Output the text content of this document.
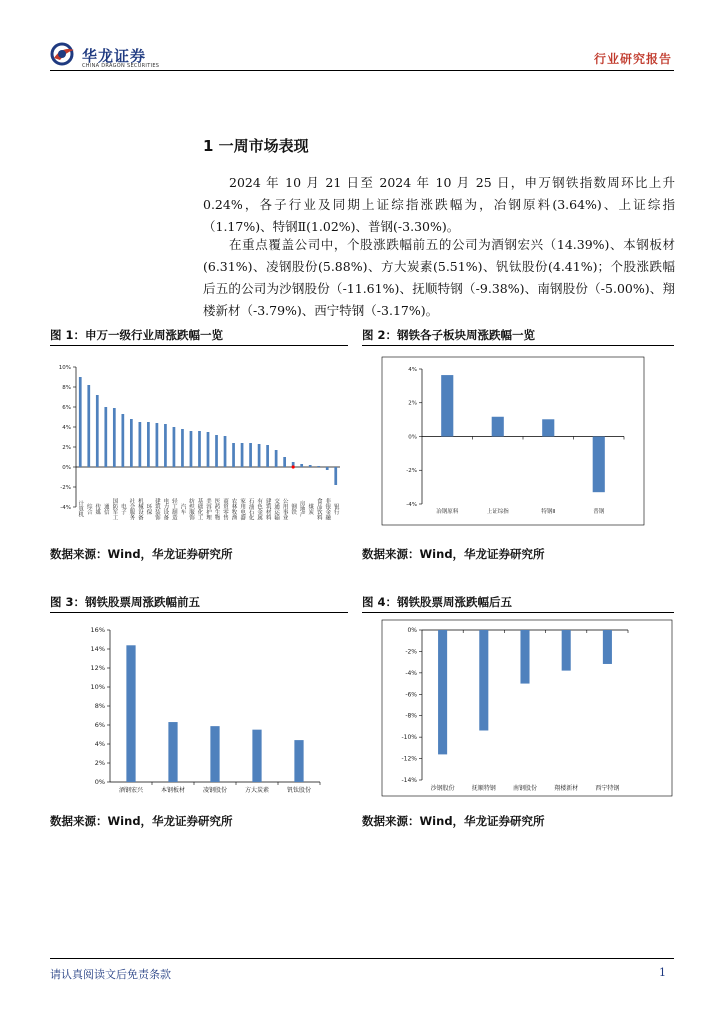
华龙证券
CHINA DRAGON SECURITIES	行业研究报告
1 一周市场表现
2024 年 10 月 21 日至 2024 年 10 月 25 日，申万钢铁指数周环比上升0.24%，各子行业及同期上证综指涨跌幅为，冶钢原料(3.64%)、上证综指（1.17%)、特钢Ⅱ(1.02%)、普钢(-3.30%)。
在重点覆盖公司中，个股涨跌幅前五的公司为酒钢宏兴（14.39%)、本钢板材(6.31%)、凌钢股份(5.88%)、方大炭素(5.51%)、钒钛股份(4.41%)；个股涨跌幅后五的公司为沙钢股份（-11.61%)、抚顺特钢（-9.38%)、南钢股份（-5.00%)、翔楼新材（-3.79%)、西宁特钢（-3.17%)。
图 1：申万一级行业周涨跌幅一览
-4%
-2%
0%
2%
4%
6%
8%
10%
计算机 综合 传媒 通信 国防军工 电子 社会服务 机械设备 环保 建筑装饰 电力设备 轻工制造 汽车 纺织服饰 基础化工 美容护理 医药生物 商贸零售 农林牧渔 家用电器 石油石化 有色金属 建筑材料 交通运输 公用事业 钢铁 房地产 煤炭 食品饮料 非银金融 银行
数据来源：Wind，华龙证券研究所
图 2：钢铁各子板块周涨跌幅一览
-4%
-2%
0%
2%
4%
冶钢原料	上证综指	特钢Ⅱ	普钢
数据来源：Wind，华龙证券研究所
图 3：钢铁股票周涨跌幅前五
0%
2%
4%
6%
8%
10%
12%
14%
16%
酒钢宏兴	本钢板材	凌钢股份	方大炭素	钒钛股份
数据来源：Wind，华龙证券研究所
图 4：钢铁股票周涨跌幅后五
-14%
-12%
-10%
-8%
-6%
-4%
-2%
0%
沙钢股份	抚顺特钢	南钢股份	翔楼新材	西宁特钢
数据来源：Wind，华龙证券研究所
请认真阅读文后免责条款	1
